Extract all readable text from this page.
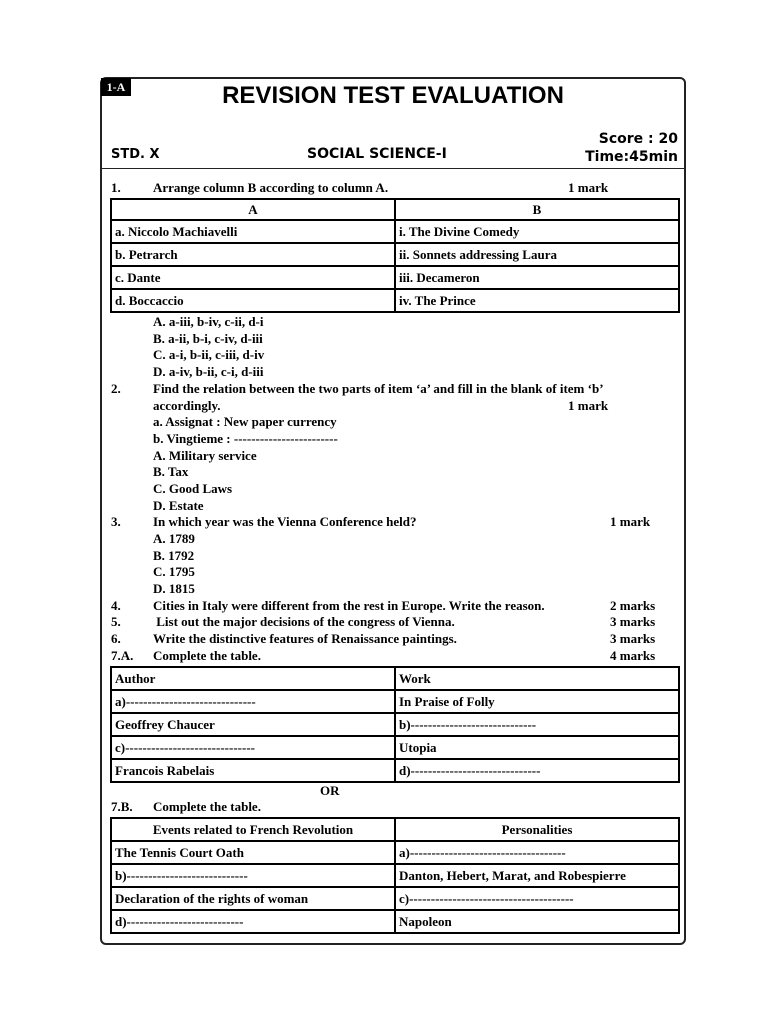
1-A	REVISION TEST EVALUATION
STD. X	SOCIAL SCIENCE-I
Score : 20
Time:45min
1. Arrange column B according to column A.	1 mark
A	B
a. Niccolo Machiavelli	i. The Divine Comedy
b. Petrarch	ii. Sonnets addressing Laura
c. Dante	iii. Decameron
d. Boccaccio	iv. The Prince
A. a-iii, b-iv, c-ii, d-i
B. a-ii, b-i, c-iv, d-iii
C. a-i, b-ii, c-iii, d-iv
D. a-iv, b-ii, c-i, d-iii
2. Find the relation between the two parts of item ‘a’ and fill in the blank of item ‘b’
accordingly.	1 mark
a. Assignat : New paper currency
b. Vingtieme : ------------------------
A. Military service
B. Tax
C. Good Laws
D. Estate
3. In which year was the Vienna Conference held?	1 mark
A. 1789
B. 1792
C. 1795
D. 1815
4. Cities in Italy were different from the rest in Europe. Write the reason.	2 marks
5. List out the major decisions of the congress of Vienna.	3 marks
6. Write the distinctive features of Renaissance paintings.	3 marks
7.A. Complete the table.	4 marks
Author	Work
a)------------------------------	In Praise of Folly
Geoffrey Chaucer	b)-----------------------------
c)------------------------------	Utopia
Francois Rabelais	d)------------------------------
OR
7.B. Complete the table.
Events related to French Revolution	Personalities
The Tennis Court Oath	a)------------------------------------
b)----------------------------	Danton, Hebert, Marat, and Robespierre
Declaration of the rights of woman	c)--------------------------------------
d)---------------------------	Napoleon
